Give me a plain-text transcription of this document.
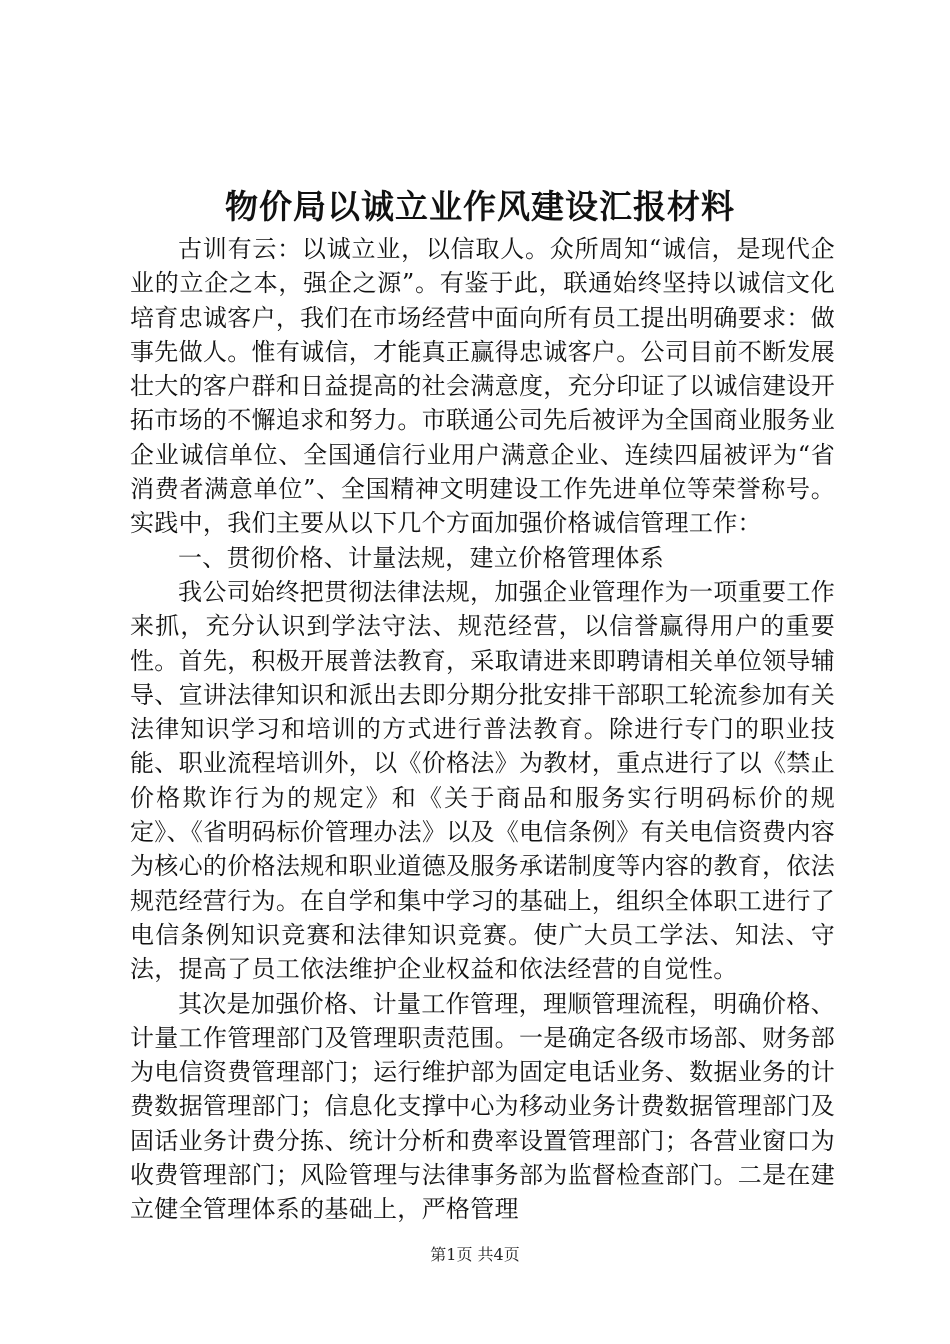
物价局以诚立业作风建设汇报材料

古训有云：以诚立业，以信取人。众所周知“诚信，是现代企业的立企之本，强企之源”。有鉴于此，联通始终坚持以诚信文化培育忠诚客户，我们在市场经营中面向所有员工提出明确要求：做事先做人。惟有诚信，才能真正赢得忠诚客户。公司目前不断发展壮大的客户群和日益提高的社会满意度，充分印证了以诚信建设开拓市场的不懈追求和努力。市联通公司先后被评为全国商业服务业企业诚信单位、全国通信行业用户满意企业、连续四届被评为“省消费者满意单位”、全国精神文明建设工作先进单位等荣誉称号。实践中，我们主要从以下几个方面加强价格诚信管理工作：

一、贯彻价格、计量法规，建立价格管理体系

我公司始终把贯彻法律法规，加强企业管理作为一项重要工作来抓，充分认识到学法守法、规范经营，以信誉赢得用户的重要性。首先，积极开展普法教育，采取请进来即聘请相关单位领导辅导、宣讲法律知识和派出去即分期分批安排干部职工轮流参加有关法律知识学习和培训的方式进行普法教育。除进行专门的职业技能、职业流程培训外，以《价格法》为教材，重点进行了以《禁止价格欺诈行为的规定》和《关于商品和服务实行明码标价的规定》、《省明码标价管理办法》以及《电信条例》有关电信资费内容为核心的价格法规和职业道德及服务承诺制度等内容的教育，依法规范经营行为。在自学和集中学习的基础上，组织全体职工进行了电信条例知识竞赛和法律知识竞赛。使广大员工学法、知法、守法，提高了员工依法维护企业权益和依法经营的自觉性。

其次是加强价格、计量工作管理，理顺管理流程，明确价格、计量工作管理部门及管理职责范围。一是确定各级市场部、财务部为电信资费管理部门；运行维护部为固定电话业务、数据业务的计费数据管理部门；信息化支撑中心为移动业务计费数据管理部门及固话业务计费分拣、统计分析和费率设置管理部门；各营业窗口为收费管理部门；风险管理与法律事务部为监督检查部门。二是在建立健全管理体系的基础上，严格管理

第1页 共4页
